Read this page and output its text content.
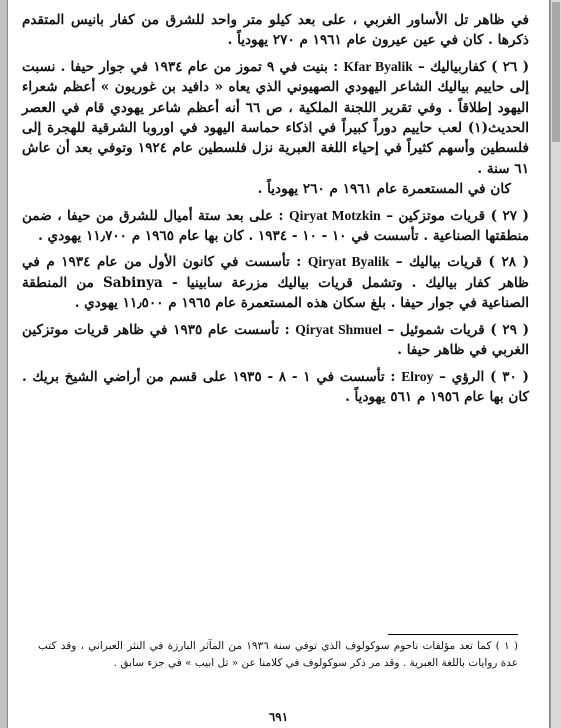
في ظاهر تل الأساور الغربي ، على بعد كيلو متر واحد للشرق من كفار بانيس المتقدم ذكرها . كان في عين عيرون عام ١٩٦١ م ٢٧٠ يهودياً .

( ٢٦ ) كفاربياليك – Kfar Byalik : بنيت في ٩ تموز من عام ١٩٣٤ في جوار حيفا . نسبت إلى حاييم بياليك الشاعر اليهودي الصهيوني الذي يعاه « دافيد بن غوريون » أعظم شعراء اليهود إطلاقاً . وفي تقرير اللجنة الملكية ، ص ٦٦ أنه أعظم شاعر يهودي قام في العصر الحديث(١) لعب حاييم دوراً كبيراً في اذكاء حماسة اليهود في اوروبا الشرقية للهجرة إلى فلسطين وأسهم كثيراً في إحياء اللغة العبرية نزل فلسطين عام ١٩٢٤ وتوفي بعد أن عاش ٦١ سنة .

كان في المستعمرة عام ١٩٦١ م ٢٦٠ يهودياً .

( ٢٧ ) قريات موتزكين – Qiryat Motzkin : على بعد ستة أميال للشرق من حيفا ، ضمن منطقتها الصناعية . تأسست في ١٠ - ١٠ - ١٩٣٤ . كان بها عام ١٩٦٥ م ١١٫٧٠٠ يهودي .

( ٢٨ ) قريات بياليك – Qiryat Byalik : تأسست في كانون الأول من عام ١٩٣٤ م في ظاهر كفار بياليك . وتشمل قريات بياليك مزرعة سابينيا - Sabinya من المنطقة الصناعية في جوار حيفا . بلغ سكان هذه المستعمرة عام ١٩٦٥ م ١١٫٥٠٠ يهودي .

( ٢٩ ) قريات شموئيل – Qiryat Shmuel : تأسست عام ١٩٣٥ في ظاهر قريات موتزكين الغربي في ظاهر حيفا .

( ٣٠ ) الرؤي – Elroy : تأسست في ١ - ٨ - ١٩٣٥ على قسم من أراضي الشيخ بريك . كان بها عام ١٩٥٦ م ٥٦١ يهودياً .

( ١ ) كما تعد مؤلفات ناحوم سوكولوف الذي توفي سنة ١٩٣٦ من المآثر البارزة في النثر العبراني ، وقد كتب عدة روايات باللغة العبرية . وقد مر ذكر سوكولوف في كلامنا عن « تل ابيب » في جزء سابق .
٦٩١
